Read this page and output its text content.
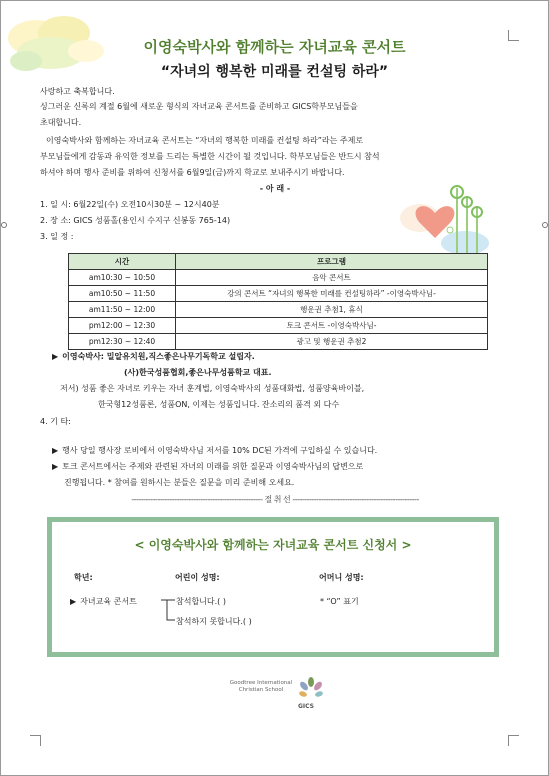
이영숙박사와 함께하는 자녀교육 콘서트
“자녀의 행복한 미래를 컨설팅 하라”
사랑하고 축복합니다.
싱그러운 신록의 계절 6월에 새로운 형식의 자녀교육 콘서트를 준비하고 GICS학부모님들을
초대합니다.
이영숙박사와 함께하는 자녀교육 콘서트는 “자녀의 행복한 미래를 컨설팅 하라”라는 주제로
부모님들에게 감동과 유익한 정보를 드리는 특별한 시간이 될 것입니다. 학부모님들은 반드시 참석
하셔야 하며 행사 준비를 위하여 신청서를 6월9일(금)까지 학교로 보내주시기 바랍니다.
- 아 래 -
1. 일 시: 6월22일(수) 오전10시30분 ~ 12시40분
2. 장 소: GICS 성품홀(용인시 수지구 신봉동 765-14)
3. 일 정 :
시간	프로그램
am10:30 ~ 10:50	음악 콘서트
am10:50 ~ 11:50	강의 콘서트 “자녀의 행복한 미래를 컨설팅하라” -이영숙박사님-
am11:50 ~ 12:00	행운권 추첨1, 휴식
pm12:00 ~ 12:30	토크 콘서트 -이영숙박사님-
pm12:30 ~ 12:40	광고 및 행운권 추첨2
▶ 이영숙박사: 밀알유치원,직스좋은나무기독학교 설립자.
(사)한국성품협회,좋은나무성품학교 대표.
저서) 성품 좋은 자녀로 키우는 자녀 훈계법, 이영숙박사의 성품대화법, 성품양육바이블,
한국형12성품론, 성품ON, 이제는 성품입니다. 잔소리의 품격 외 다수
4. 기 타:
▶ 행사 당일 행사장 로비에서 이영숙박사님 저서를 10% DC된 가격에 구입하실 수 있습니다.
▶ 토크 콘서트에서는 주제와 관련된 자녀의 미래를 위한 질문과 이영숙박사님의 답변으로
진행됩니다. * 참여를 원하시는 분들은 질문을 미리 준비해 오세요.
------------------------------------------------------- 절 취 선 -----------------------------------------------------
< 이영숙박사와 함께하는 자녀교육 콘서트 신청서 >
학년:	어린이 성명:	어머니 성명:
▶ 자녀교육 콘서트	참석합니다.( )
참석하지 못합니다.( )
* “O” 표기
Goodtree International
Christian School
GICS
